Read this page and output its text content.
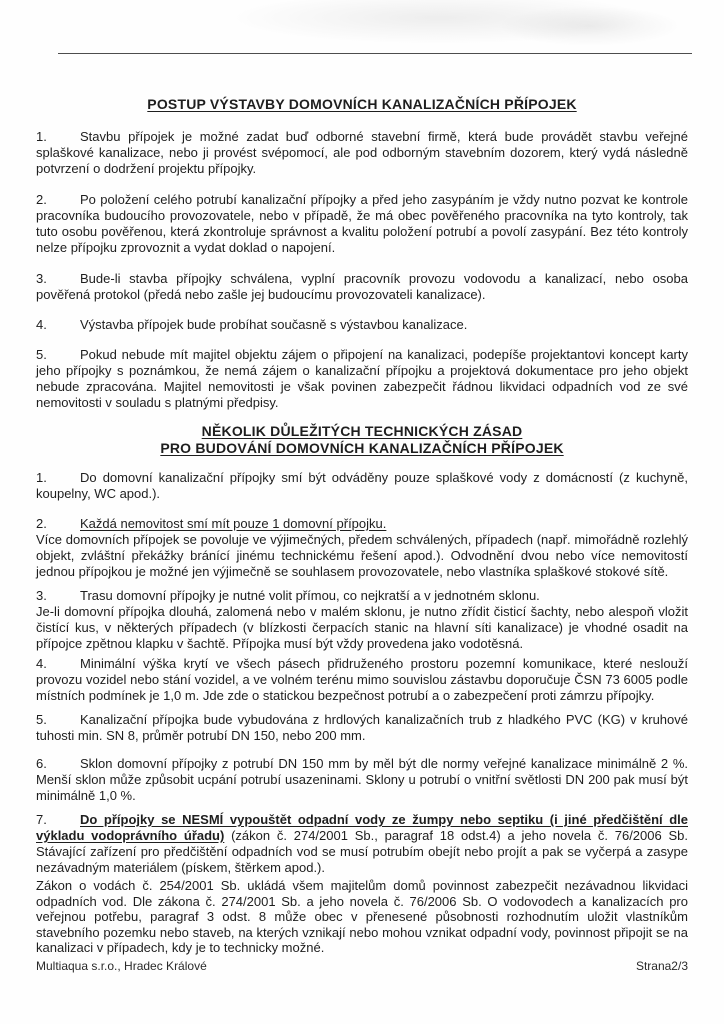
POSTUP VÝSTAVBY DOMOVNÍCH KANALIZAČNÍCH PŘÍPOJEK

1.	Stavbu přípojek je možné zadat buď odborné stavební firmě, která bude provádět stavbu veřejné splaškové kanalizace, nebo ji provést svépomocí, ale pod odborným stavebním dozorem, který vydá následně potvrzení o dodržení projektu přípojky.

2.	Po položení celého potrubí kanalizační přípojky a před jeho zasypáním je vždy nutno pozvat ke kontrole pracovníka budoucího provozovatele, nebo v případě, že má obec pověřeného pracovníka na tyto kontroly, tak tuto osobu pověřenou, která zkontroluje správnost a kvalitu položení potrubí a povolí zasypání. Bez této kontroly nelze přípojku zprovoznit a vydat doklad o napojení.

3.	Bude-li stavba přípojky schválena, vyplní pracovník provozu vodovodu a kanalizací, nebo osoba pověřená protokol (předá nebo zašle jej budoucímu provozovateli kanalizace).

4.	Výstavba přípojek bude probíhat současně s výstavbou kanalizace.

5.	Pokud nebude mít majitel objektu zájem o připojení na kanalizaci, podepíše projektantovi koncept karty jeho přípojky s poznámkou, že nemá zájem o kanalizační přípojku a projektová dokumentace pro jeho objekt nebude zpracována. Majitel nemovitosti je však povinen zabezpečit řádnou likvidaci odpadních vod ze své nemovitosti v souladu s platnými předpisy.

NĚKOLIK DŮLEŽITÝCH TECHNICKÝCH ZÁSAD
PRO BUDOVÁNÍ DOMOVNÍCH KANALIZAČNÍCH PŘÍPOJEK

1.	Do domovní kanalizační přípojky smí být odváděny pouze splaškové vody z domácností (z kuchyně, koupelny, WC apod.).

2.	Každá nemovitost smí mít pouze 1 domovní přípojku.
Více domovních přípojek se povoluje ve výjimečných, předem schválených, případech (např. mimořádně rozlehlý objekt, zvláštní překážky bránící jinému technickému řešení apod.). Odvodnění dvou nebo více nemovitostí jednou přípojkou je možné jen výjimečně se souhlasem provozovatele, nebo vlastníka splaškové stokové sítě.

3.	Trasu domovní přípojky je nutné volit přímou, co nejkratší a v jednotném sklonu.
Je-li domovní přípojka dlouhá, zalomená nebo v malém sklonu, je nutno zřídit čisticí šachty, nebo alespoň vložit čistící kus, v některých případech (v blízkosti čerpacích stanic na hlavní síti kanalizace) je vhodné osadit na přípojce zpětnou klapku v šachtě. Přípojka musí být vždy provedena jako vodotěsná.

4.	Minimální výška krytí ve všech pásech přidruženého prostoru pozemní komunikace, které neslouží provozu vozidel nebo stání vozidel, a ve volném terénu mimo souvislou zástavbu doporučuje ČSN 73 6005 podle místních podmínek je 1,0 m. Jde zde o statickou bezpečnost potrubí a o zabezpečení proti zámrzu přípojky.

5.	Kanalizační přípojka bude vybudována z hrdlových kanalizačních trub z hladkého PVC (KG) v kruhové tuhosti min. SN 8, průměr potrubí DN 150, nebo 200 mm.

6.	Sklon domovní přípojky z potrubí DN 150 mm by měl být dle normy veřejné kanalizace minimálně 2 %. Menší sklon může způsobit ucpání potrubí usazeninami. Sklony u potrubí o vnitřní světlosti DN 200 pak musí být minimálně 1,0 %.

7.	Do přípojky se NESMÍ vypouštět odpadní vody ze žumpy nebo septiku (i jiné předčištění dle výkladu vodoprávního úřadu) (zákon č. 274/2001 Sb., paragraf 18 odst.4) a jeho novela č. 76/2006 Sb. Stávající zařízení pro předčištění odpadních vod se musí potrubím obejít nebo projít a pak se vyčerpá a zasype nezávadným materiálem (pískem, štěrkem apod.).

Zákon o vodách č. 254/2001 Sb. ukládá všem majitelům domů povinnost zabezpečit nezávadnou likvidaci odpadních vod. Dle zákona č. 274/2001 Sb. a jeho novela č. 76/2006 Sb. O vodovodech a kanalizacích pro veřejnou potřebu, paragraf 3 odst. 8 může obec v přenesené působnosti rozhodnutím uložit vlastníkům stavebního pozemku nebo staveb, na kterých vznikají nebo mohou vznikat odpadní vody, povinnost připojit se na kanalizaci v případech, kdy je to technicky možné.

Multiaqua s.r.o., Hradec Králové	Strana2/3
